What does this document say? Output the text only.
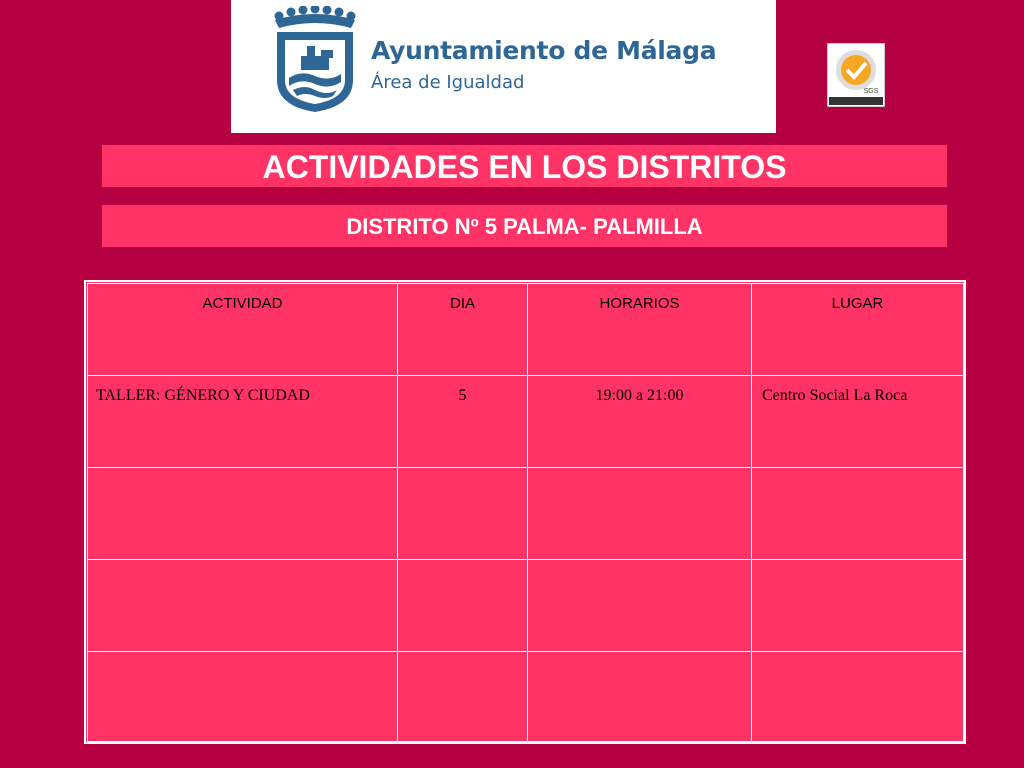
Ayuntamiento de Málaga
Área de Igualdad	SGS
ACTIVIDADES EN LOS DISTRITOS
DISTRITO Nº 5 PALMA- PALMILLA
ACTIVIDAD	DIA	HORARIOS	LUGAR
TALLER: GÉNERO Y CIUDAD	5	19:00 a 21:00	Centro Social La Roca
